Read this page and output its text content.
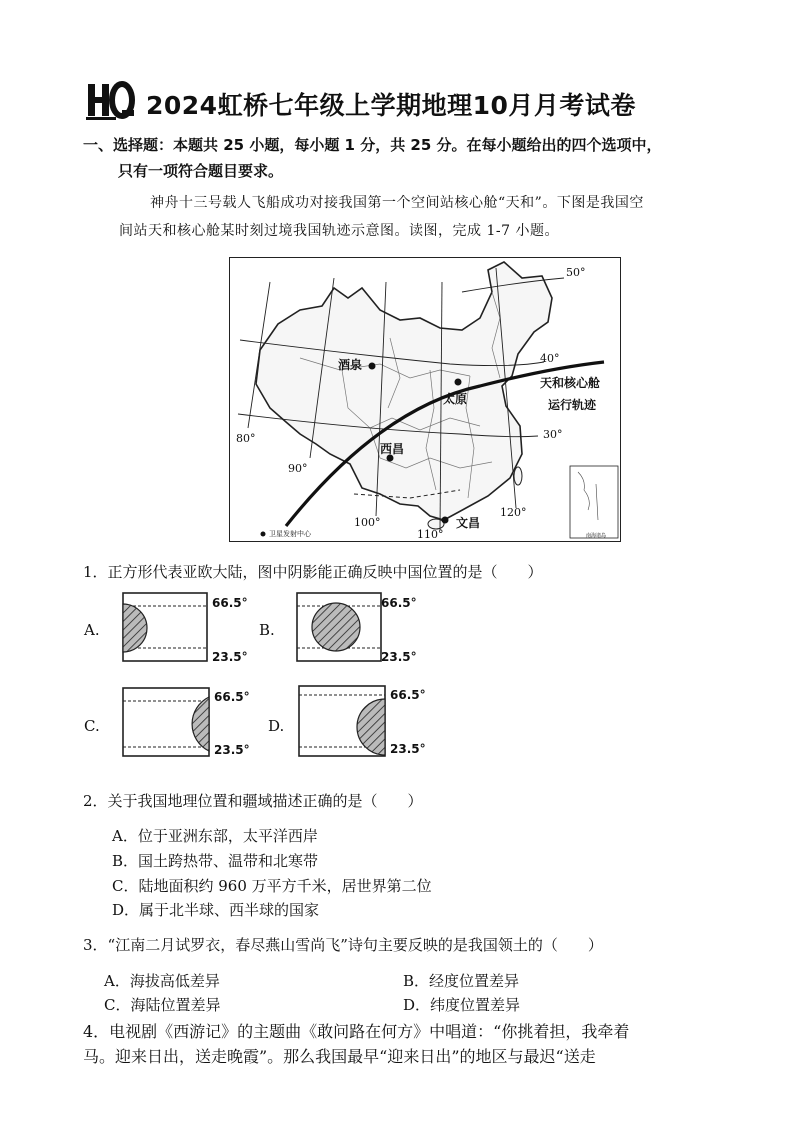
2024虹桥七年级上学期地理10月月考试卷
一、选择题：本题共 25 小题，每小题 1 分，共 25 分。在每小题给出的四个选项中，
只有一项符合题目要求。
神舟十三号载人飞船成功对接我国第一个空间站核心舱“天和”。下图是我国空
间站天和核心舱某时刻过境我国轨迹示意图。读图，完成 1-7 小题。
50°
40°
30°
80°
90°
100°
110°
120°
酒泉
太原
西昌
文昌
天和核心舱
运行轨迹
卫星发射中心	南海诸岛
1．正方形代表亚欧大陆，图中阴影能正确反映中国位置的是（　　）
A.
66.5°
23.5°
B.
66.5°
23.5°
C.
66.5°
23.5°
D.
66.5°
23.5°
2．关于我国地理位置和疆域描述正确的是（　　）
A．位于亚洲东部，太平洋西岸
B．国土跨热带、温带和北寒带
C．陆地面积约 960 万平方千米，居世界第二位
D．属于北半球、西半球的国家
3．“江南二月试罗衣，春尽燕山雪尚飞”诗句主要反映的是我国领土的（　　）
A．海拔高低差异	B．经度位置差异
C．海陆位置差异	D．纬度位置差异
4．电视剧《西游记》的主题曲《敢问路在何方》中唱道：“你挑着担，我牵着
马。迎来日出，送走晚霞”。那么我国最早“迎来日出”的地区与最迟“送走
